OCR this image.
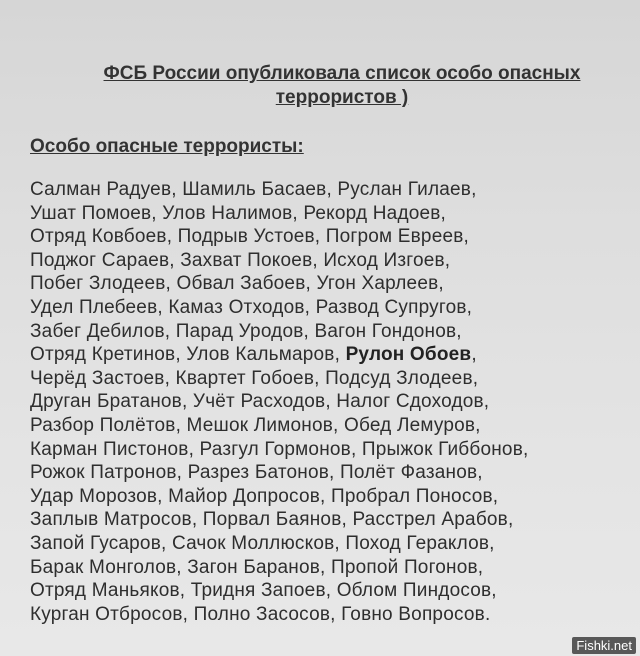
ФСБ России опубликовала список особо опасных террористов )
Особо опасные террористы:
Салман Радуев, Шамиль Басаев, Руслан Гилаев,
Ушат Помоев, Улов Налимов, Рекорд Надоев,
Отряд Ковбоев, Подрыв Устоев, Погром Евреев,
Поджог Сараев, Захват Покоев, Исход Изгоев,
Побег Злодеев, Обвал Забоев, Угон Харлеев,
Удел Плебеев, Камаз Отходов, Развод Супругов,
Забег Дебилов, Парад Уродов, Вагон Гондонов,
Отряд Кретинов, Улов Кальмаров, Рулон Обоев,
Черёд Застоев, Квартет Гобоев, Подсуд Злодеев,
Друган Братанов, Учёт Расходов, Налог Сдоходов,
Разбор Полётов, Мешок Лимонов, Обед Лемуров,
Карман Пистонов, Разгул Гормонов, Прыжок Гиббонов,
Рожок Патронов, Разрез Батонов, Полёт Фазанов,
Удар Морозов, Майор Допросов, Пробрал Поносов,
Заплыв Матросов, Порвал Баянов, Расстрел Арабов,
Запой Гусаров, Сачок Моллюсков, Поход Гераклов,
Барак Монголов, Загон Баранов, Пропой Погонов,
Отряд Маньяков, Тридня Запоев, Облом Пиндосов,
Курган Отбросов, Полно Засосов, Говно Вопросов.
Fishki.net
